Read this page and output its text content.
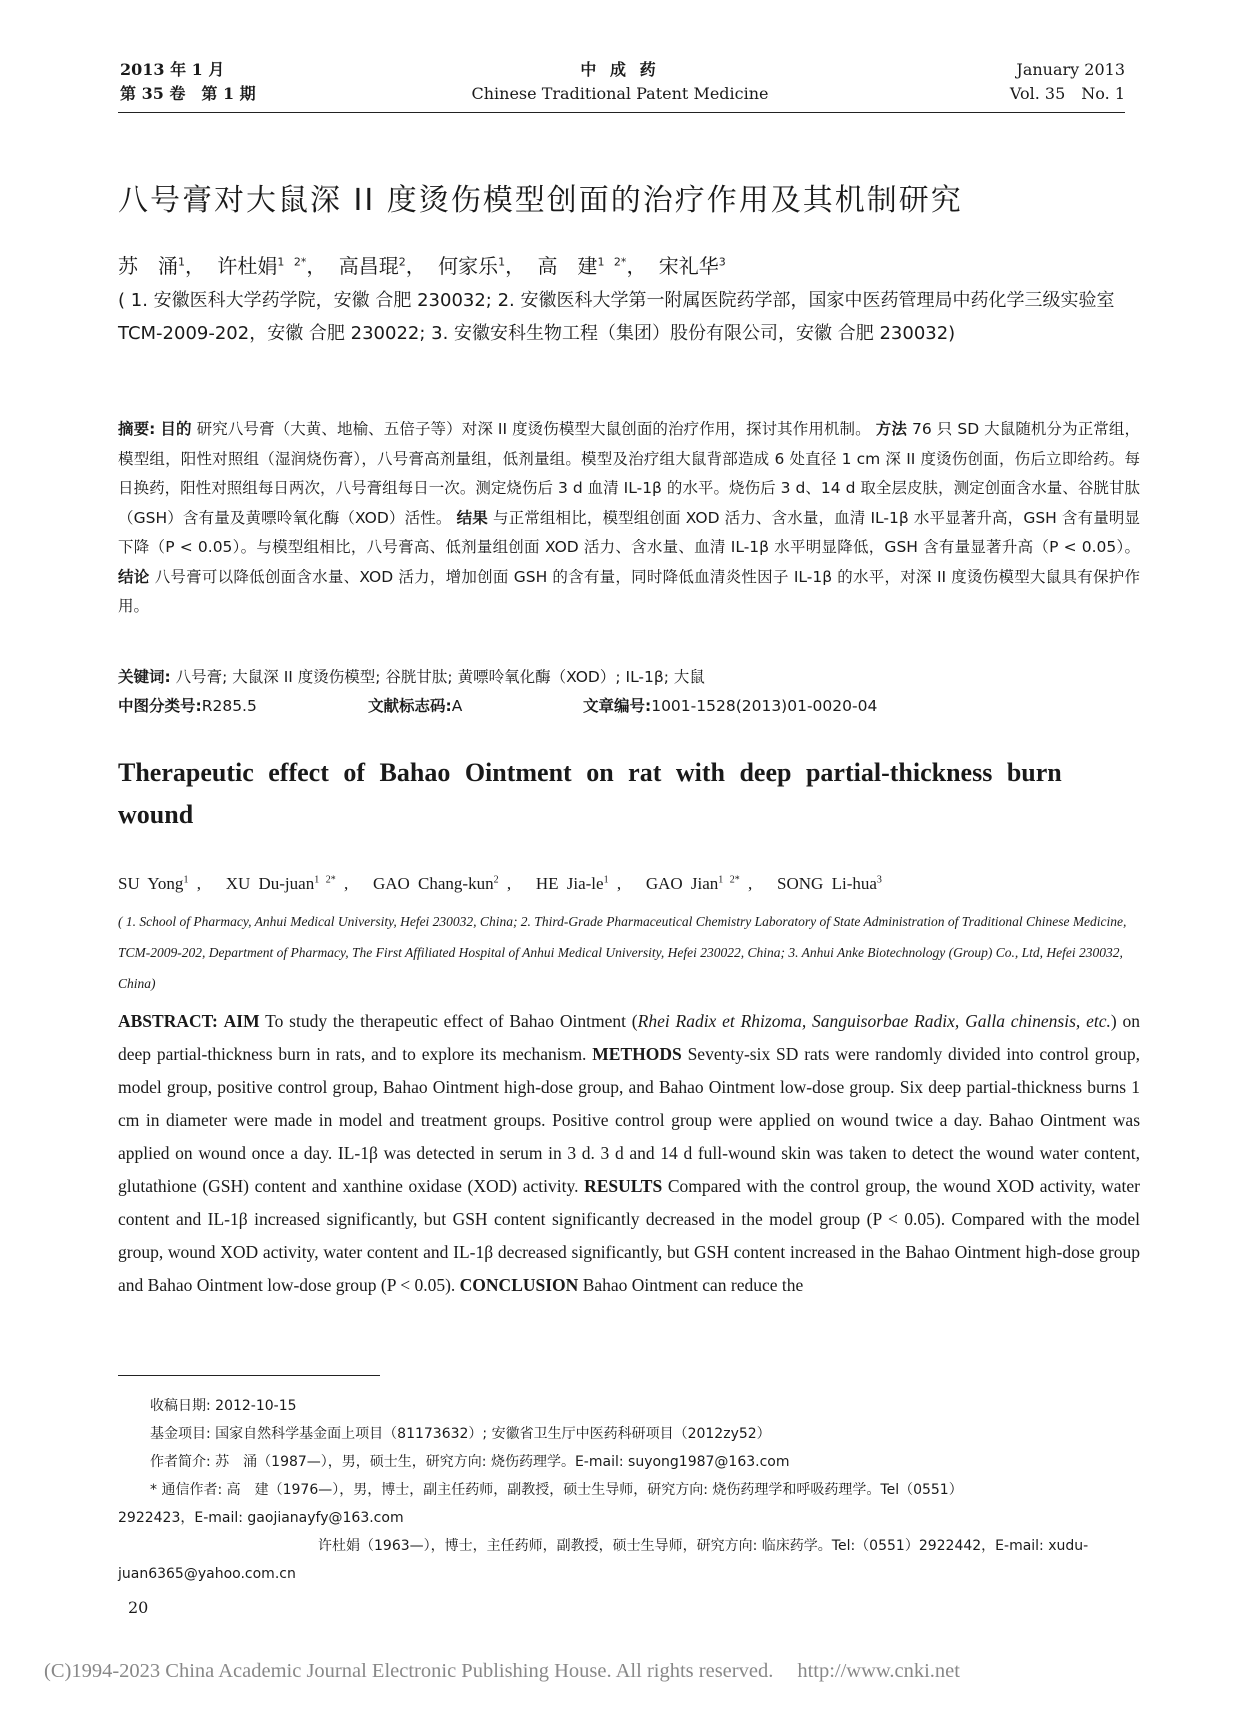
2013 年 1 月
第 35 卷　第 1 期
中 成 药
Chinese Traditional Patent Medicine
January 2013
Vol. 35　No. 1
八号膏对大鼠深 II 度烫伤模型创面的治疗作用及其机制研究
苏　涌$^1$， 许杜娟$^{1 2*}$， 高昌琨$^2$， 何家乐$^1$， 高　建$^{1 2*}$， 宋礼华$^3$
( 1. 安徽医科大学药学院，安徽 合肥 230032; 2. 安徽医科大学第一附属医院药学部，国家中医药管理局中药化学三级实验室 TCM-2009-202，安徽 合肥 230022; 3. 安徽安科生物工程（集团）股份有限公司，安徽 合肥 230032)
摘要: 目的 研究八号膏（大黄、地榆、五倍子等）对深 II 度烫伤模型大鼠创面的治疗作用，探讨其作用机制。 方法 76 只 SD 大鼠随机分为正常组，模型组，阳性对照组（湿润烧伤膏），八号膏高剂量组，低剂量组。模型及治疗组大鼠背部造成 6 处直径 1 cm 深 II 度烫伤创面，伤后立即给药。每日换药，阳性对照组每日两次，八号膏组每日一次。测定烧伤后 3 d 血清 IL-1β 的水平。烧伤后 3 d、14 d 取全层皮肤，测定创面含水量、谷胱甘肽（GSH）含有量及黄嘌呤氧化酶（XOD）活性。 结果 与正常组相比，模型组创面 XOD 活力、含水量，血清 IL-1β 水平显著升高，GSH 含有量明显下降（P < 0.05）。与模型组相比，八号膏高、低剂量组创面 XOD 活力、含水量、血清 IL-1β 水平明显降低，GSH 含有量显著升高（P < 0.05）。 结论 八号膏可以降低创面含水量、XOD 活力，增加创面 GSH 的含有量，同时降低血清炎性因子 IL-1β 的水平，对深 II 度烫伤模型大鼠具有保护作用。
关键词: 八号膏; 大鼠深 II 度烫伤模型; 谷胱甘肽; 黄嘌呤氧化酶（XOD）; IL-1β; 大鼠
中图分类号:R285.5	文献标志码:A	文章编号:1001-1528(2013)01-0020-04
Therapeutic effect of Bahao Ointment on rat with deep partial-thickness burn wound
SU Yong$^1$ ,   XU Du-juan$^{1 2*}$ ,   GAO Chang-kun$^2$ ,   HE Jia-$le^1$ ,   GAO Jian$^{1 2*}$ ,   SONG Li-hua$^3$
( 1. School of Pharmacy, Anhui Medical University, Hefei 230032, China; 2. Third-Grade Pharmaceutical Chemistry Laboratory of State Administration of Traditional Chinese Medicine, TCM-2009-202, Department of Pharmacy, The First Affiliated Hospital of Anhui Medical University, Hefei 230022, China; 3. Anhui Anke Biotechnology (Group) Co., Ltd, Hefei 230032, China)
ABSTRACT: AIM To study the therapeutic effect of Bahao Ointment (Rhei Radix et Rhizoma, Sanguisorbae Radix, Galla chinensis, etc.) on deep partial-thickness burn in rats, and to explore its mechanism. METHODS Seventy-six SD rats were randomly divided into control group, model group, positive control group, Bahao Ointment high-dose group, and Bahao Ointment low-dose group. Six deep partial-thickness burns 1 cm in diameter were made in model and treatment groups. Positive control group were applied on wound twice a day. Bahao Ointment was applied on wound once a day. IL-1β was detected in serum in 3 d. 3 d and 14 d full-wound skin was taken to detect the wound water content, glutathione (GSH) content and xanthine oxidase (XOD) activity. RESULTS Compared with the control group, the wound XOD activity, water content and IL-1β increased significantly, but GSH content significantly decreased in the model group (P < 0.05). Compared with the model group, wound XOD activity, water content and IL-1β decreased significantly, but GSH content increased in the Bahao Ointment high-dose group and Bahao Ointment low-dose group (P < 0.05). CONCLUSION Bahao Ointment can reduce the

收稿日期: 2012-10-15

基金项目: 国家自然科学基金面上项目（81173632）; 安徽省卫生厅中医药科研项目（2012zy52）

作者简介: 苏　涌（1987—），男，硕士生，研究方向: 烧伤药理学。E-mail: suyong1987@163.com

* 通信作者: 高　建（1976—），男，博士，副主任药师，副教授，硕士生导师，研究方向: 烧伤药理学和呼吸药理学。Tel（0551）

2922423，E-mail: gaojianayfy@163.com

许杜娟（1963—），博士，主任药师，副教授，硕士生导师，研究方向: 临床药学。Tel:（0551）2922442，E-mail: xudu-

juan6365@yahoo.com.cn

20
(C)1994-2023 China Academic Journal Electronic Publishing House. All rights reserved. http://www.cnki.net
